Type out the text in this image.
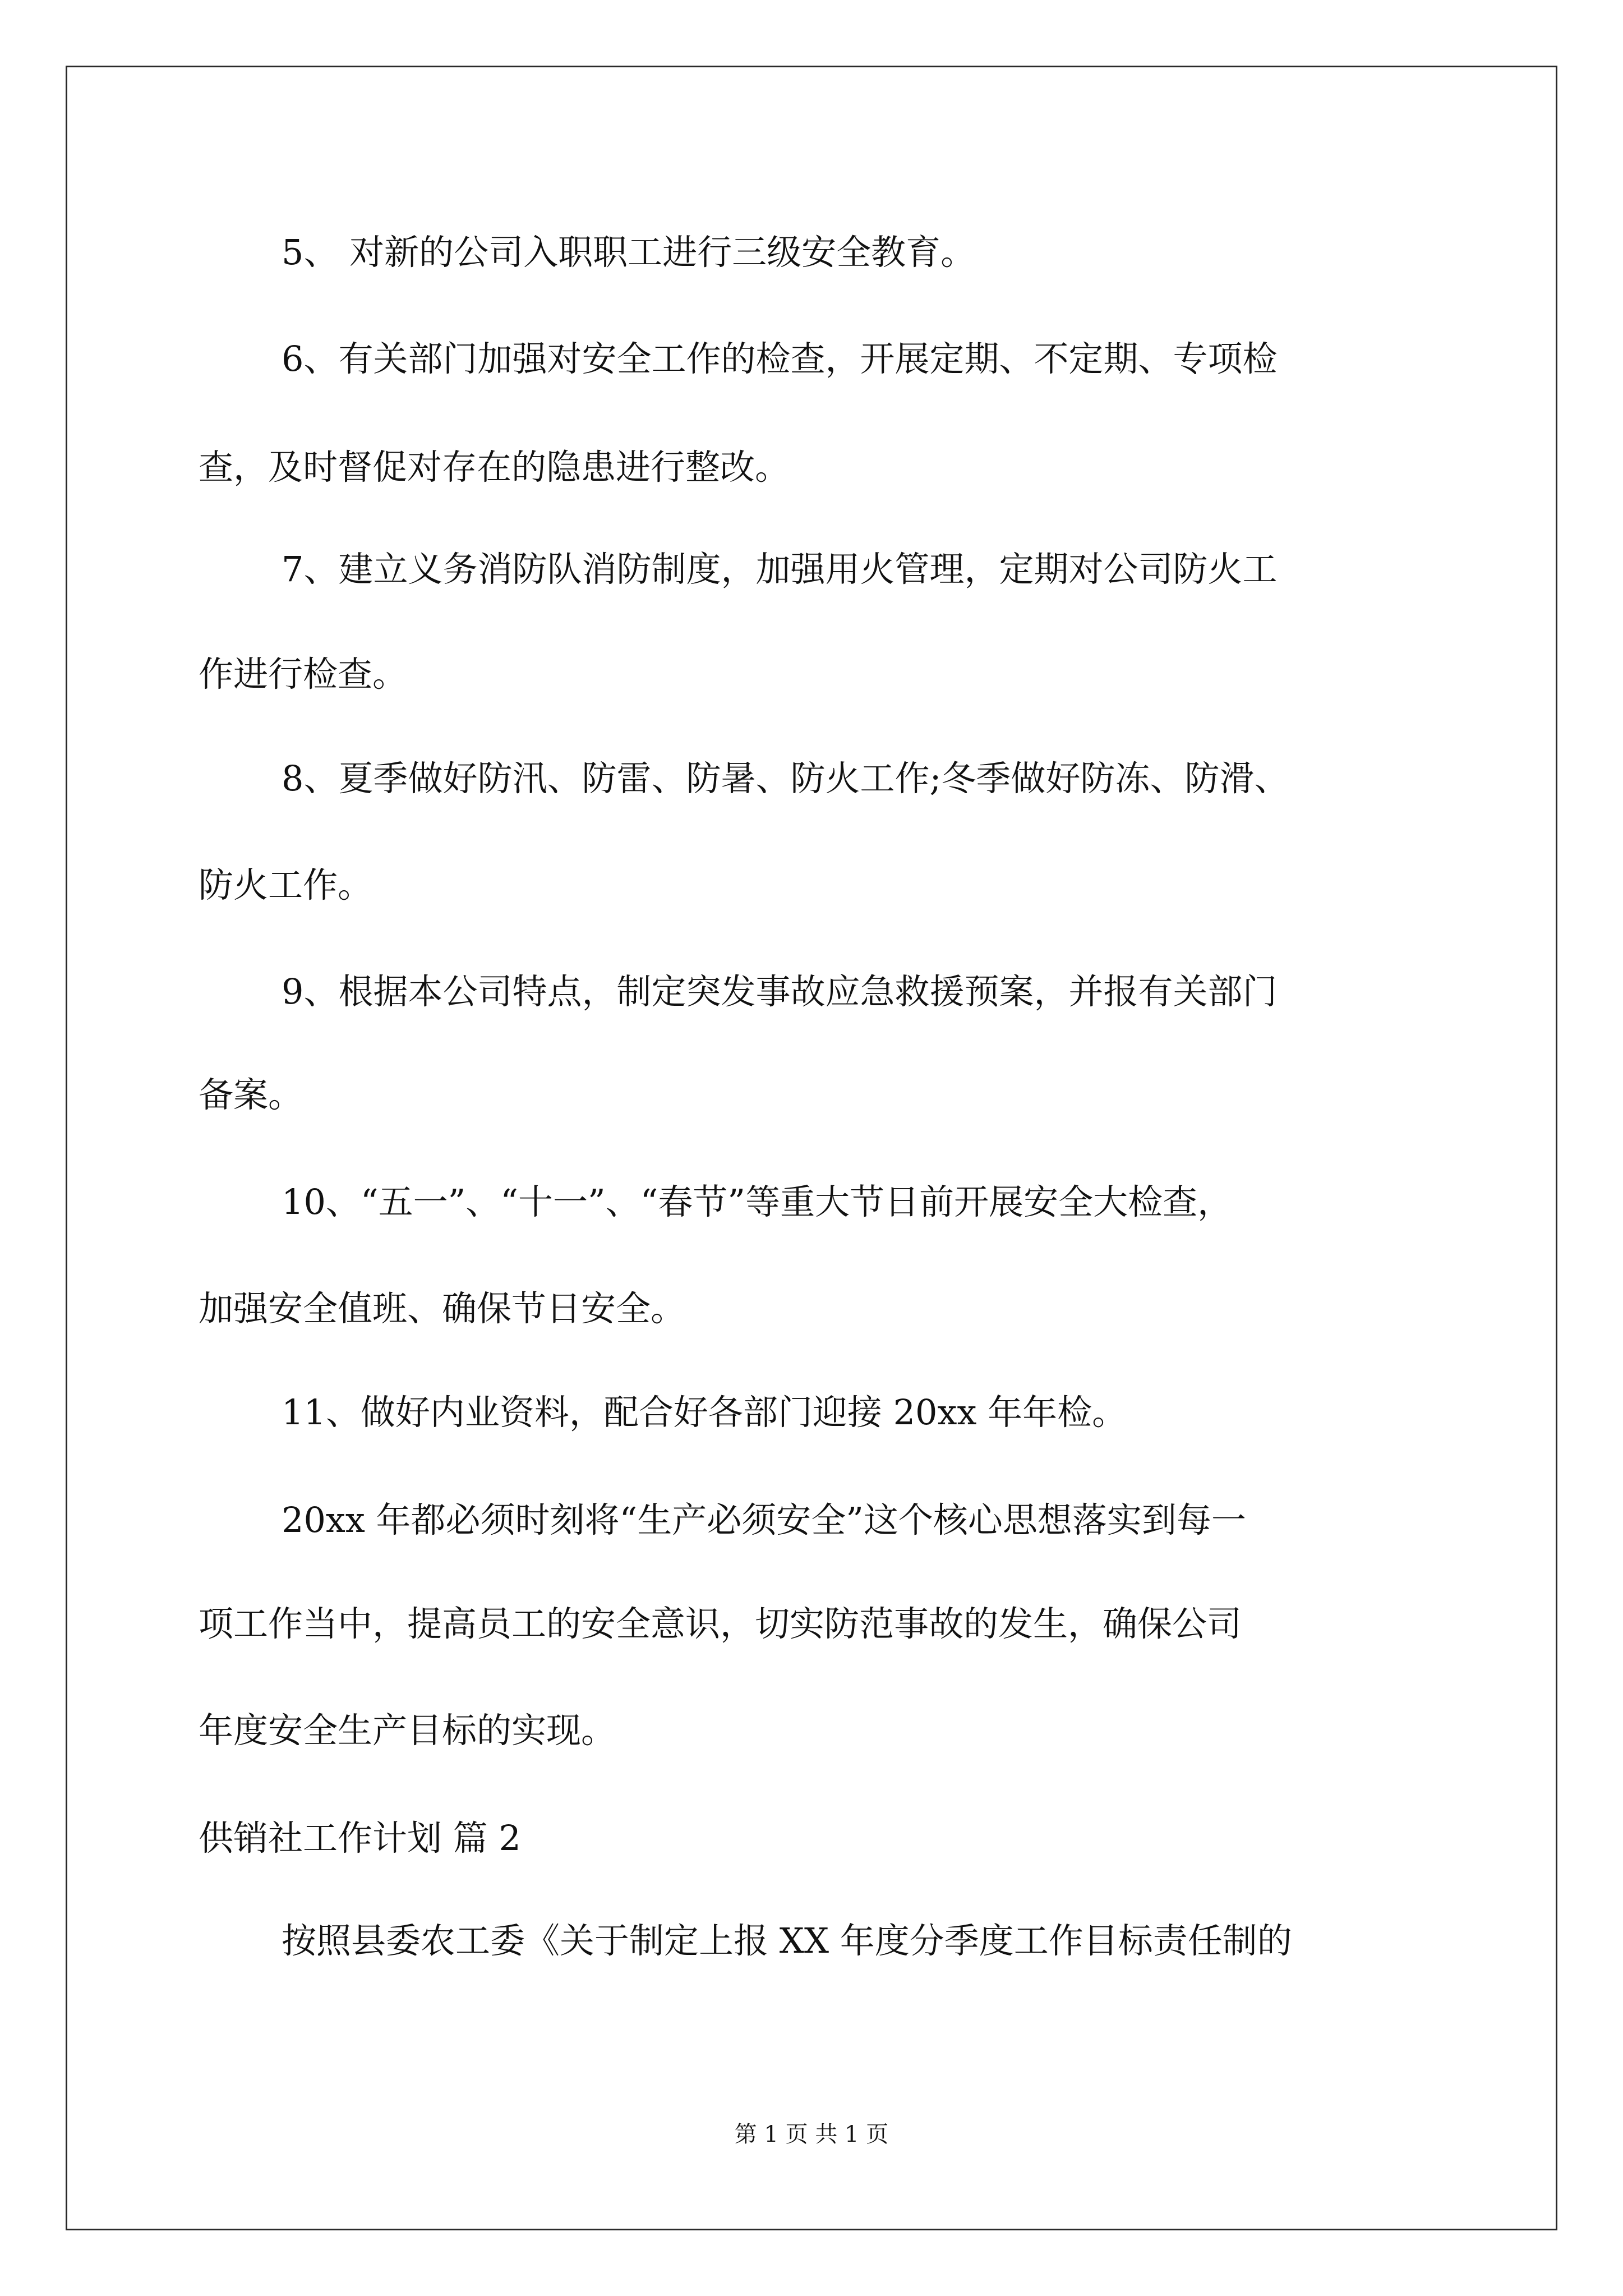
5、 对新的公司入职职工进行三级安全教育。
6、有关部门加强对安全工作的检查，开展定期、不定期、专项检
查，及时督促对存在的隐患进行整改。
7、建立义务消防队消防制度，加强用火管理，定期对公司防火工
作进行检查。
8、夏季做好防汛、防雷、防暑、防火工作;冬季做好防冻、防滑、
防火工作。
9、根据本公司特点，制定突发事故应急救援预案，并报有关部门
备案。
10、“五一”、“十一”、“春节”等重大节日前开展安全大检查，
加强安全值班、确保节日安全。
11、做好内业资料，配合好各部门迎接 20xx 年年检。
20xx 年都必须时刻将“生产必须安全”这个核心思想落实到每一
项工作当中，提高员工的安全意识，切实防范事故的发生，确保公司
年度安全生产目标的实现。
供销社工作计划 篇 2
按照县委农工委《关于制定上报 XX 年度分季度工作目标责任制的
第 1 页 共 1 页
